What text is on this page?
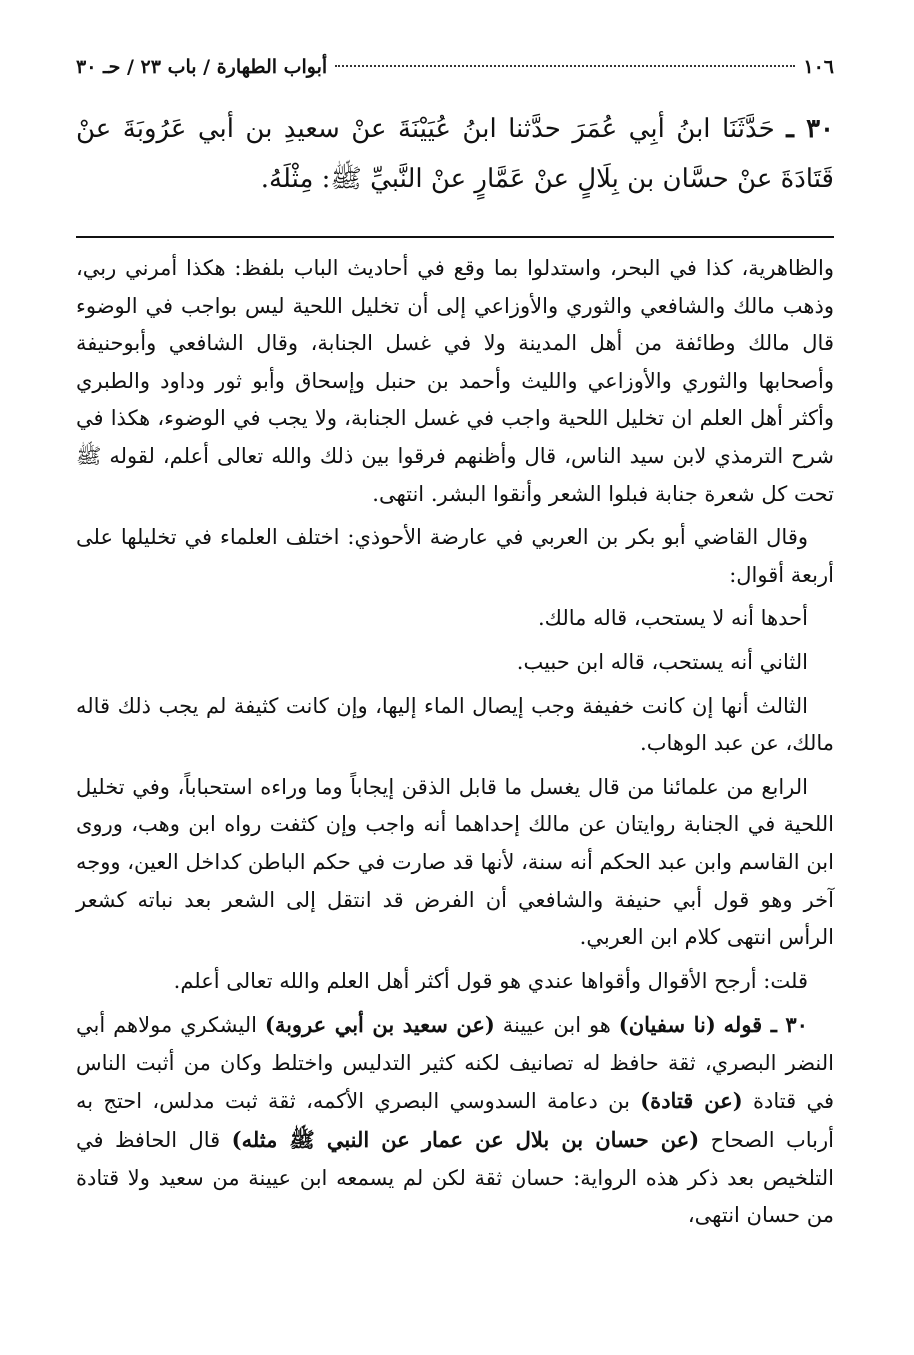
١٠٦
أبواب الطهارة / باب ٢٣ / حـ ٣٠
٣٠ ـ حَدَّثَنَا ابنُ أبِي عُمَرَ حدَّثنا ابنُ عُيَيْنَةَ عنْ سعيدِ بن أبي عَرُوبَةَ عنْ قَتَادَةَ عنْ حسَّان بن بِلَالٍ عنْ عَمَّارٍ عنْ النَّبيِّ ﷺ: مِثْلَهُ.

والظاهرية، كذا في البحر، واستدلوا بما وقع في أحاديث الباب بلفظ: هكذا أمرني ربي، وذهب مالك والشافعي والثوري والأوزاعي إلى أن تخليل اللحية ليس بواجب في الوضوء قال مالك وطائفة من أهل المدينة ولا في غسل الجنابة، وقال الشافعي وأبوحنيفة وأصحابها والثوري والأوزاعي والليث وأحمد بن حنبل وإسحاق وأبو ثور وداود والطبري وأكثر أهل العلم ان تخليل اللحية واجب في غسل الجنابة، ولا يجب في الوضوء، هكذا في شرح الترمذي لابن سيد الناس، قال وأظنهم فرقوا بين ذلك والله تعالى أعلم، لقوله ﷺ تحت كل شعرة جنابة فبلوا الشعر وأنقوا البشر. انتهى.

وقال القاضي أبو بكر بن العربي في عارضة الأحوذي: اختلف العلماء في تخليلها على أربعة أقوال:

أحدها أنه لا يستحب، قاله مالك.

الثاني أنه يستحب، قاله ابن حبيب.

الثالث أنها إن كانت خفيفة وجب إيصال الماء إليها، وإن كانت كثيفة لم يجب ذلك قاله مالك، عن عبد الوهاب.

الرابع من علمائنا من قال يغسل ما قابل الذقن إيجاباً وما وراءه استحباباً، وفي تخليل اللحية في الجنابة روايتان عن مالك إحداهما أنه واجب وإن كثفت رواه ابن وهب، وروى ابن القاسم وابن عبد الحكم أنه سنة، لأنها قد صارت في حكم الباطن كداخل العين، ووجه آخر وهو قول أبي حنيفة والشافعي أن الفرض قد انتقل إلى الشعر بعد نباته كشعر الرأس انتهى كلام ابن العربي.

قلت: أرجح الأقوال وأقواها عندي هو قول أكثر أهل العلم والله تعالى أعلم.

٣٠ ـ قوله (نا سفيان) هو ابن عيينة (عن سعيد بن أبي عروبة) اليشكري مولاهم أبي النضر البصري، ثقة حافظ له تصانيف لكنه كثير التدليس واختلط وكان من أثبت الناس في قتادة (عن قتادة) بن دعامة السدوسي البصري الأكمه، ثقة ثبت مدلس، احتج به أرباب الصحاح (عن حسان بن بلال عن عمار عن النبي ﷺ مثله) قال الحافظ في التلخيص بعد ذكر هذه الرواية: حسان ثقة لكن لم يسمعه ابن عيينة من سعيد ولا قتادة من حسان انتهى،
